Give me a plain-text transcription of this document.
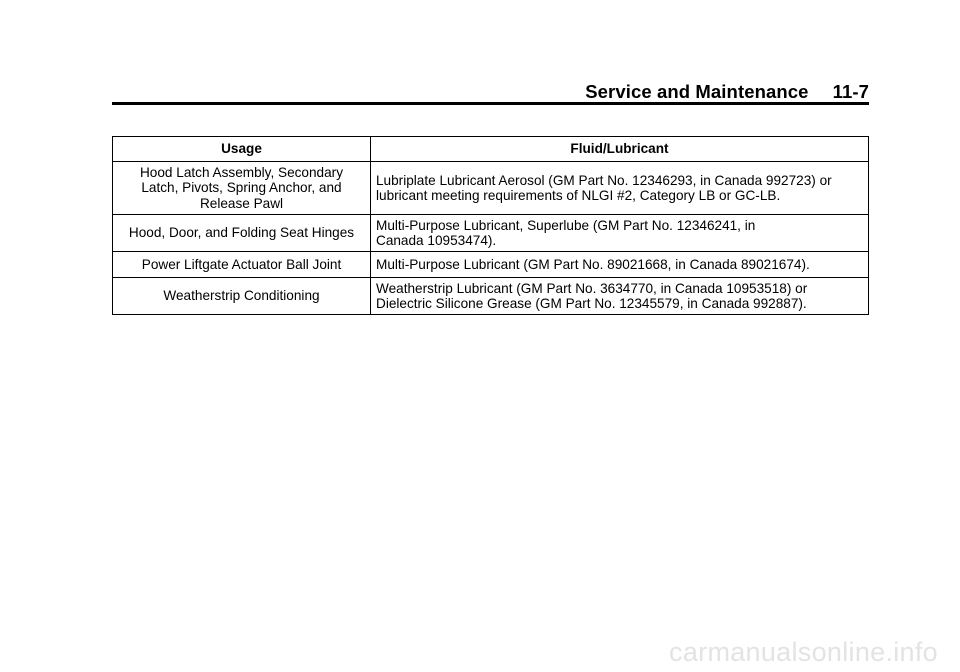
Service and Maintenance 11-7
Usage	Fluid/Lubricant

Hood Latch Assembly, Secondary Latch, Pivots, Spring Anchor, and Release Pawl	Lubriplate Lubricant Aerosol (GM Part No. 12346293, in Canada 992723) or lubricant meeting requirements of NLGI #2, Category LB or GC-LB.
Hood, Door, and Folding Seat Hinges	Multi-Purpose Lubricant, Superlube (GM Part No. 12346241, in Canada 10953474).

Power Liftgate Actuator Ball Joint	Multi-Purpose Lubricant (GM Part No. 89021668, in Canada 89021674).
Weatherstrip Conditioning	Weatherstrip Lubricant (GM Part No. 3634770, in Canada 10953518) or Dielectric Silicone Grease (GM Part No. 12345579, in Canada 992887).
carmanualsonline.info
